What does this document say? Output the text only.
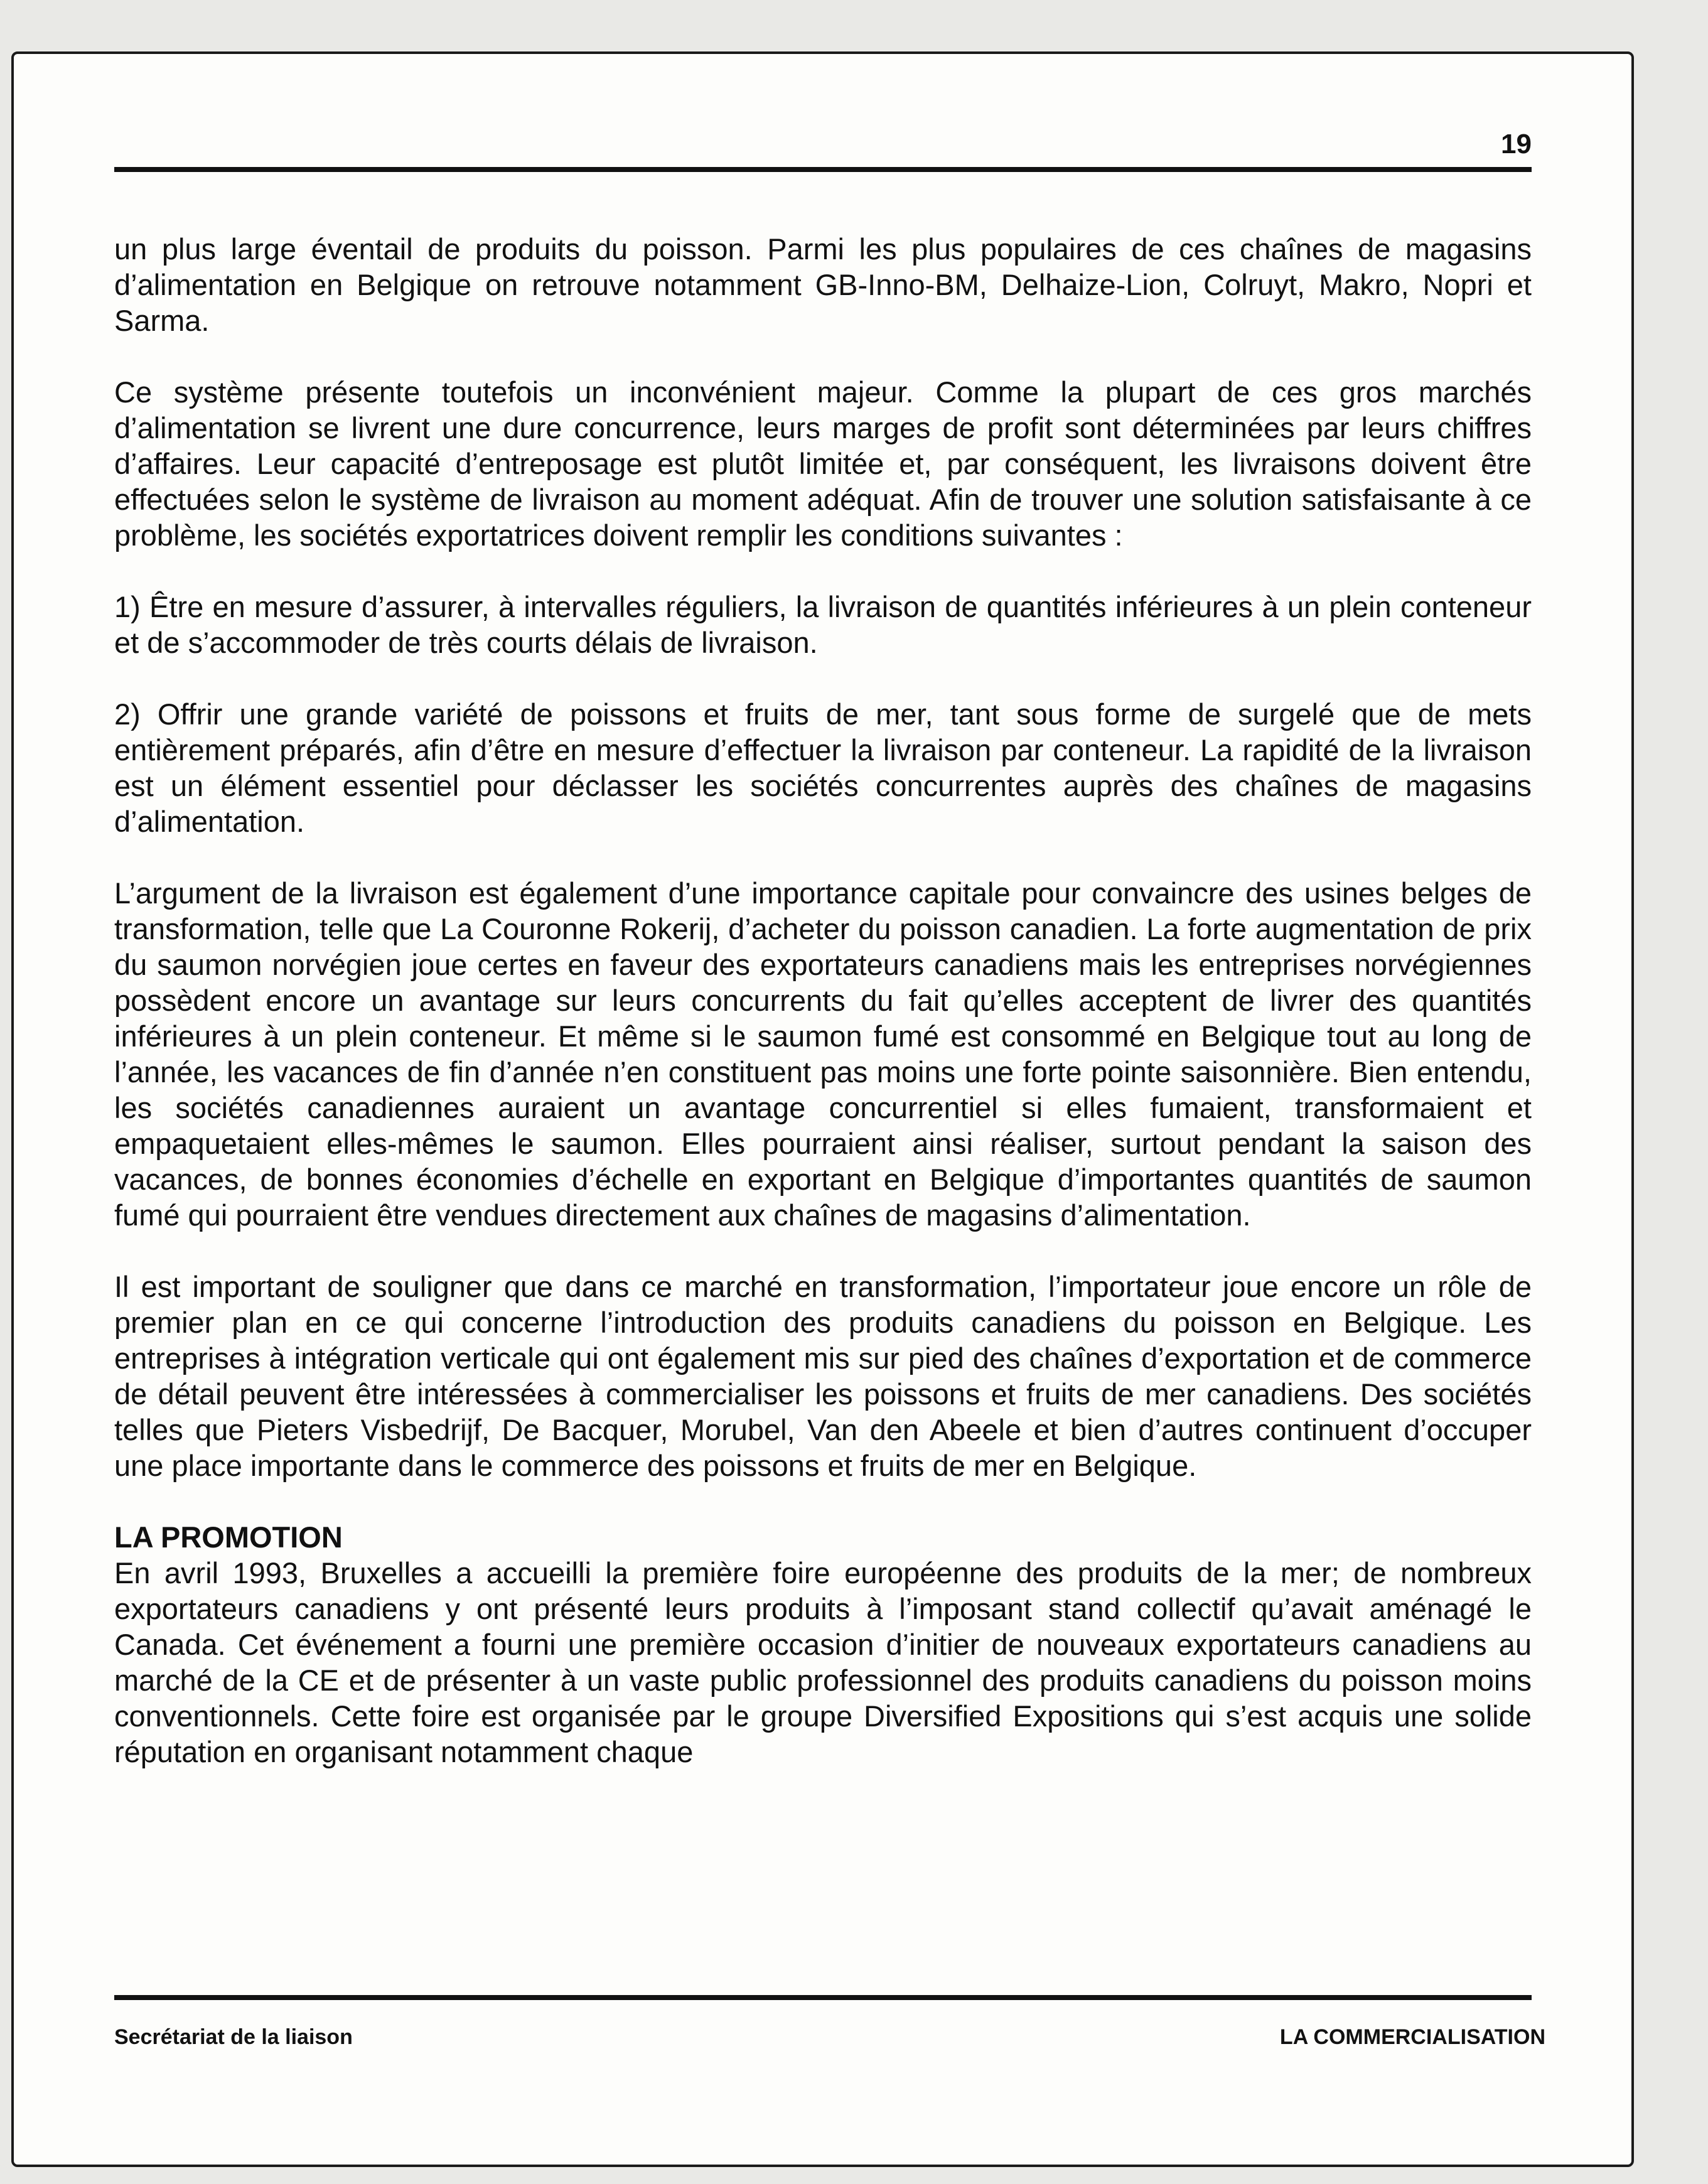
19

un plus large éventail de produits du poisson. Parmi les plus populaires de ces chaînes de magasins d’alimentation en Belgique on retrouve notamment GB-Inno-BM, Delhaize-Lion, Colruyt, Makro, Nopri et Sarma.

Ce système présente toutefois un inconvénient majeur. Comme la plupart de ces gros marchés d’alimentation se livrent une dure concurrence, leurs marges de profit sont déterminées par leurs chiffres d’affaires. Leur capacité d’entreposage est plutôt limitée et, par conséquent, les livraisons doivent être effectuées selon le système de livraison au moment adéquat. Afin de trouver une solution satisfaisante à ce problème, les sociétés exportatrices doivent remplir les conditions suivantes :

1) Être en mesure d’assurer, à intervalles réguliers, la livraison de quantités inférieures à un plein conteneur et de s’accommoder de très courts délais de livraison.

2) Offrir une grande variété de poissons et fruits de mer, tant sous forme de surgelé que de mets entièrement préparés, afin d’être en mesure d’effectuer la livraison par conteneur. La rapidité de la livraison est un élément essentiel pour déclasser les sociétés concurrentes auprès des chaînes de magasins d’alimentation.

L’argument de la livraison est également d’une importance capitale pour convaincre des usines belges de transformation, telle que La Couronne Rokerij, d’acheter du poisson canadien. La forte augmentation de prix du saumon norvégien joue certes en faveur des exportateurs canadiens mais les entreprises norvégiennes possèdent encore un avantage sur leurs concurrents du fait qu’elles acceptent de livrer des quantités inférieures à un plein conteneur. Et même si le saumon fumé est consommé en Belgique tout au long de l’année, les vacances de fin d’année n’en constituent pas moins une forte pointe saisonnière. Bien entendu, les sociétés canadiennes auraient un avantage concurrentiel si elles fumaient, transformaient et empaquetaient elles-mêmes le saumon. Elles pourraient ainsi réaliser, surtout pendant la saison des vacances, de bonnes économies d’échelle en exportant en Belgique d’importantes quantités de saumon fumé qui pourraient être vendues directement aux chaînes de magasins d’alimentation.

Il est important de souligner que dans ce marché en transformation, l’importateur joue encore un rôle de premier plan en ce qui concerne l’introduction des produits canadiens du poisson en Belgique. Les entreprises à intégration verticale qui ont également mis sur pied des chaînes d’exportation et de commerce de détail peuvent être intéressées à commercialiser les poissons et fruits de mer canadiens. Des sociétés telles que Pieters Visbedrijf, De Bacquer, Morubel, Van den Abeele et bien d’autres continuent d’occuper une place importante dans le commerce des poissons et fruits de mer en Belgique.

LA PROMOTION

En avril 1993, Bruxelles a accueilli la première foire européenne des produits de la mer; de nombreux exportateurs canadiens y ont présenté leurs produits à l’imposant stand collectif qu’avait aménagé le Canada. Cet événement a fourni une première occasion d’initier de nouveaux exportateurs canadiens au marché de la CE et de présenter à un vaste public professionnel des produits canadiens du poisson moins conventionnels. Cette foire est organisée par le groupe Diversified Expositions qui s’est acquis une solide réputation en organisant notamment chaque

Secrétariat de la liaison	LA COMMERCIALISATION
